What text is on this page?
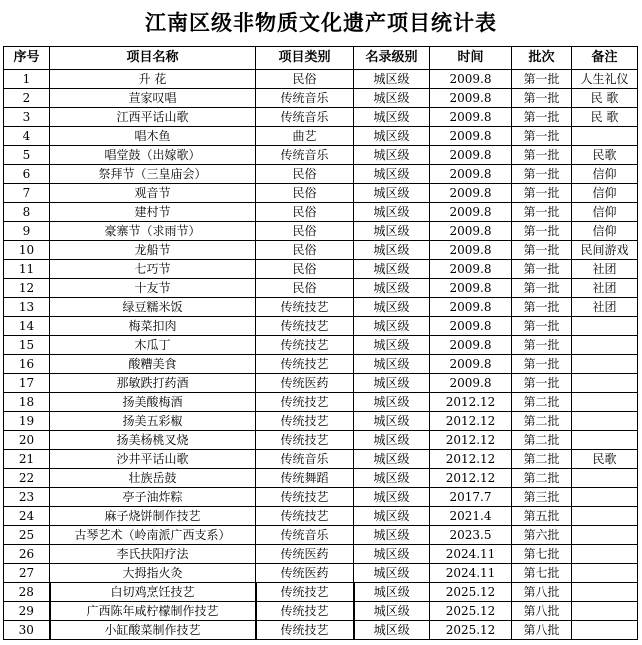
江南区级非物质文化遗产项目统计表
序号	项目名称	项目类别	名录级别	时间	批次	备注
1	升 花	民俗	城区级	2009.8	第一批	人生礼仪
2	荁家叹唱	传统音乐	城区级	2009.8	第一批	民 歌
3	江西平话山歌	传统音乐	城区级	2009.8	第一批	民 歌
4	唱木鱼	曲艺	城区级	2009.8	第一批	
5	唱堂鼓（出嫁歌）	传统音乐	城区级	2009.8	第一批	民歌
6	祭拜节（三皇庙会）	民俗	城区级	2009.8	第一批	信仰
7	观音节	民俗	城区级	2009.8	第一批	信仰
8	建村节	民俗	城区级	2009.8	第一批	信仰
9	豪寨节（求雨节）	民俗	城区级	2009.8	第一批	信仰
10	龙船节	民俗	城区级	2009.8	第一批	民间游戏
11	七巧节	民俗	城区级	2009.8	第一批	社团
12	十友节	民俗	城区级	2009.8	第一批	社团
13	绿豆糯米饭	传统技艺	城区级	2009.8	第一批	社团
14	梅菜扣肉	传统技艺	城区级	2009.8	第一批	
15	木瓜丁	传统技艺	城区级	2009.8	第一批	
16	酸糟美食	传统技艺	城区级	2009.8	第一批	
17	那敏跌打药酒	传统医药	城区级	2009.8	第一批	
18	扬美酸梅酒	传统技艺	城区级	2012.12	第二批	
19	扬美五彩椒	传统技艺	城区级	2012.12	第二批	
20	扬美杨桃叉烧	传统技艺	城区级	2012.12	第二批	
21	沙井平话山歌	传统音乐	城区级	2012.12	第二批	民歌
22	壮族岳鼓	传统舞蹈	城区级	2012.12	第二批	
23	亭子油炸粽	传统技艺	城区级	2017.7	第三批	
24	麻子烧饼制作技艺	传统技艺	城区级	2021.4	第五批	
25	古琴艺术（岭南派广西支系）	传统音乐	城区级	2023.5	第六批	
26	李氏扶阳疗法	传统医药	城区级	2024.11	第七批	
27	大拇指火灸	传统医药	城区级	2024.11	第七批	
28	白切鸡烹饪技艺	传统技艺	城区级	2025.12	第八批	
29	广西陈年咸柠檬制作技艺	传统技艺	城区级	2025.12	第八批	
30	小缸酸菜制作技艺	传统技艺	城区级	2025.12	第八批	
